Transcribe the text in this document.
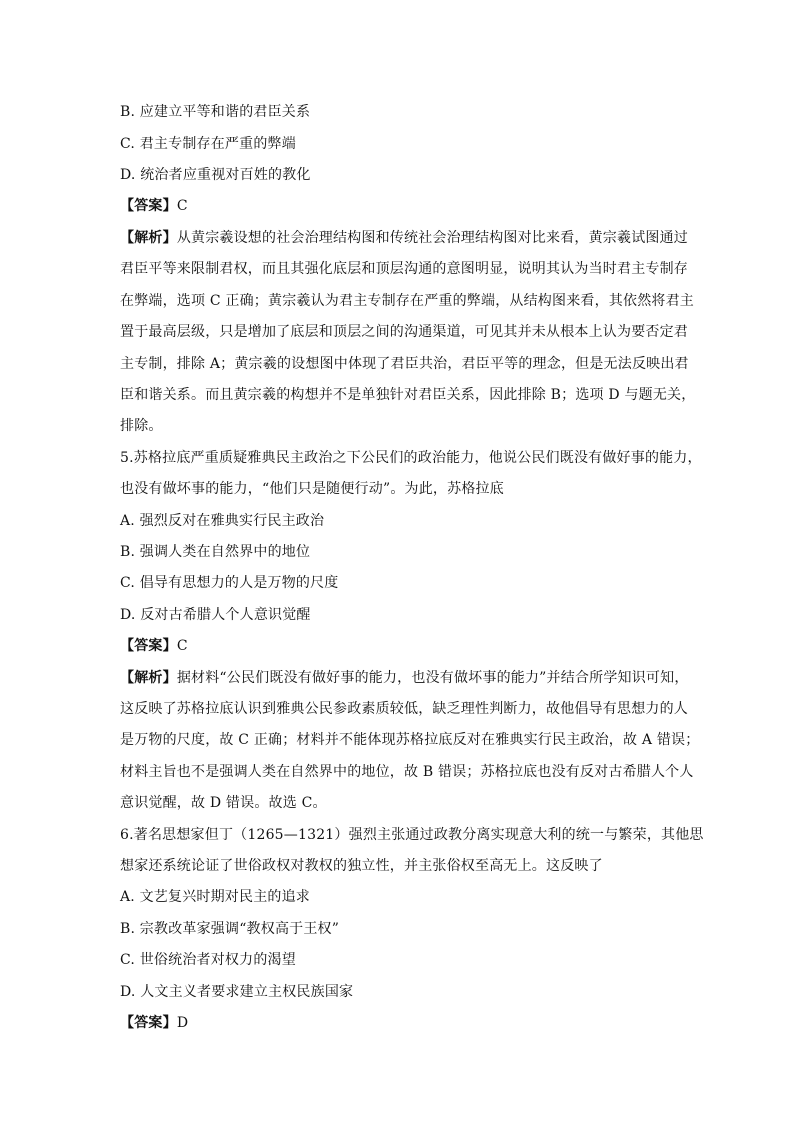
B. 应建立平等和谐的君臣关系
C. 君主专制存在严重的弊端
D. 统治者应重视对百姓的教化
【答案】C
【解析】从黄宗羲设想的社会治理结构图和传统社会治理结构图对比来看，黄宗羲试图通过
君臣平等来限制君权，而且其强化底层和顶层沟通的意图明显，说明其认为当时君主专制存
在弊端，选项 C 正确；黄宗羲认为君主专制存在严重的弊端，从结构图来看，其依然将君主
置于最高层级，只是增加了底层和顶层之间的沟通渠道，可见其并未从根本上认为要否定君
主专制，排除 A；黄宗羲的设想图中体现了君臣共治，君臣平等的理念，但是无法反映出君
臣和谐关系。而且黄宗羲的构想并不是单独针对君臣关系，因此排除 B；选项 D 与题无关，
排除。
5.苏格拉底严重质疑雅典民主政治之下公民们的政治能力，他说公民们既没有做好事的能力，
也没有做坏事的能力，“他们只是随便行动”。为此，苏格拉底
A. 强烈反对在雅典实行民主政治
B. 强调人类在自然界中的地位
C. 倡导有思想力的人是万物的尺度
D. 反对古希腊人个人意识觉醒
【答案】C
【解析】据材料“公民们既没有做好事的能力，也没有做坏事的能力”并结合所学知识可知，
这反映了苏格拉底认识到雅典公民参政素质较低，缺乏理性判断力，故他倡导有思想力的人
是万物的尺度，故 C 正确；材料并不能体现苏格拉底反对在雅典实行民主政治，故 A 错误；
材料主旨也不是强调人类在自然界中的地位，故 B 错误；苏格拉底也没有反对古希腊人个人
意识觉醒，故 D 错误。故选 C。
6.著名思想家但丁（1265—1321）强烈主张通过政教分离实现意大利的统一与繁荣，其他思
想家还系统论证了世俗政权对教权的独立性，并主张俗权至高无上。这反映了
A. 文艺复兴时期对民主的追求
B. 宗教改革家强调“教权高于王权”
C. 世俗统治者对权力的渴望
D. 人文主义者要求建立主权民族国家
【答案】D
